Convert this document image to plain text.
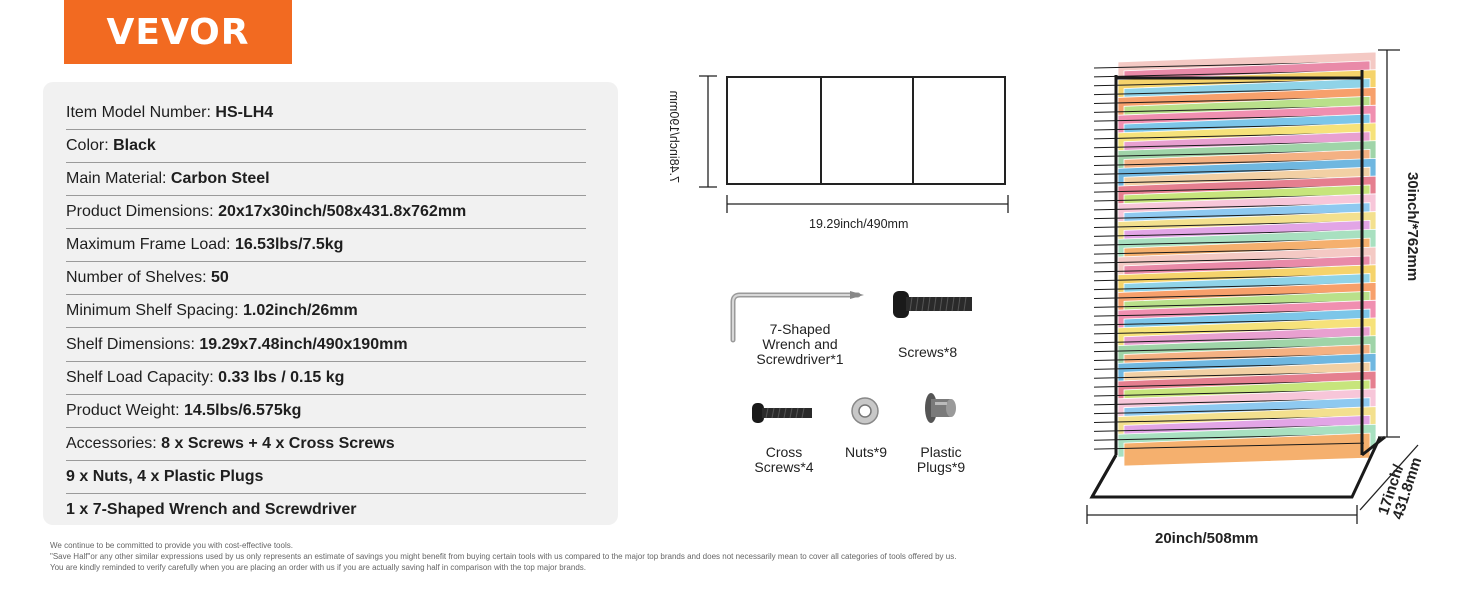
VEVOR
Item Model Number: HS-LH4
Color: Black
Main Material: Carbon Steel
Product Dimensions: 20x17x30inch/508x431.8x762mm
Maximum Frame Load: 16.53lbs/7.5kg
Number of Shelves: 50
Minimum Shelf Spacing: 1.02inch/26mm
Shelf Dimensions: 19.29x7.48inch/490x190mm
Shelf Load Capacity: 0.33 lbs / 0.15 kg
Product Weight: 14.5lbs/6.575kg
Accessories: 8 x Screws + 4 x Cross Screws
9 x Nuts, 4 x Plastic Plugs
1 x 7-Shaped Wrench and Screwdriver
We continue to be committed to provide you with cost-effective tools.
"Save Half"or any other similar expressions used by us only represents an estimate of savings you might benefit from buying certain tools with us compared to the major top brands and does not necessarily mean to cover all categories of tools offered by us.
You are kindly reminded to verify carefully when you are placing an order with us if you are actually saving half in comparison with the top major brands.
7.48inch/190mm
19.29inch/490mm
7-Shaped
Wrench and
Screwdriver*1	Screws*8
Cross
Screws*4
Nuts*9	Plastic
Plugs*9
30inch/*762mm
17inch/
431.8mm
20inch/508mm
